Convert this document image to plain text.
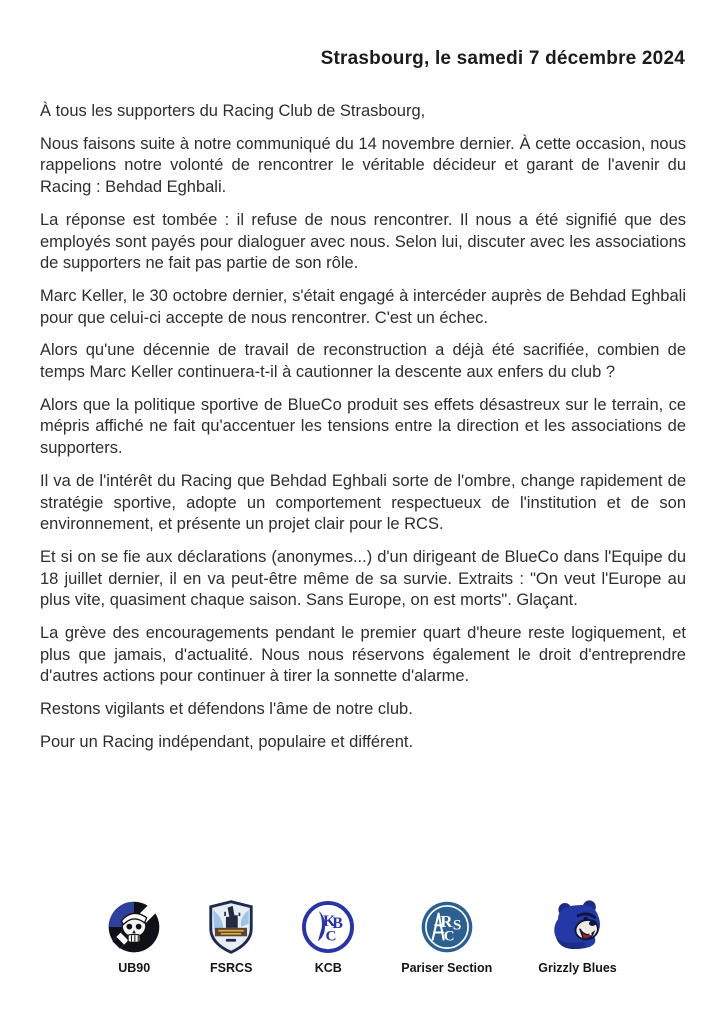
Strasbourg, le samedi 7 décembre 2024

À tous les supporters du Racing Club de Strasbourg,

Nous faisons suite à notre communiqué du 14 novembre dernier. À cette occasion, nous rappelions notre volonté de rencontrer le véritable décideur et garant de l'avenir du Racing : Behdad Eghbali.

La réponse est tombée : il refuse de nous rencontrer. Il nous a été signifié que des employés sont payés pour dialoguer avec nous. Selon lui, discuter avec les associations de supporters ne fait pas partie de son rôle.

Marc Keller, le 30 octobre dernier, s'était engagé à intercéder auprès de Behdad Eghbali pour que celui-ci accepte de nous rencontrer. C'est un échec.

Alors qu'une décennie de travail de reconstruction a déjà été sacrifiée, combien de temps Marc Keller continuera-t-il à cautionner la descente aux enfers du club ?

Alors que la politique sportive de BlueCo produit ses effets désastreux sur le terrain, ce mépris affiché ne fait qu'accentuer les tensions entre la direction et les associations de supporters.

Il va de l'intérêt du Racing que Behdad Eghbali sorte de l'ombre, change rapidement de stratégie sportive, adopte un comportement respectueux de l'institution et de son environnement, et présente un projet clair pour le RCS.

Et si on se fie aux déclarations (anonymes...) d'un dirigeant de BlueCo dans l'Equipe du 18 juillet dernier, il en va peut-être même de sa survie. Extraits : "On veut l'Europe au plus vite, quasiment chaque saison. Sans Europe, on est morts". Glaçant.

La grève des encouragements pendant le premier quart d'heure reste logiquement, et plus que jamais, d'actualité. Nous nous réservons également le droit d'entreprendre d'autres actions pour continuer à tirer la sonnette d'alarme.

Restons vigilants et défendons l'âme de notre club.

Pour un Racing indépendant, populaire et différent.

UB90	FSRCS
K
B
C
KCB
R S
C
Pariser Section	Grizzly Blues
